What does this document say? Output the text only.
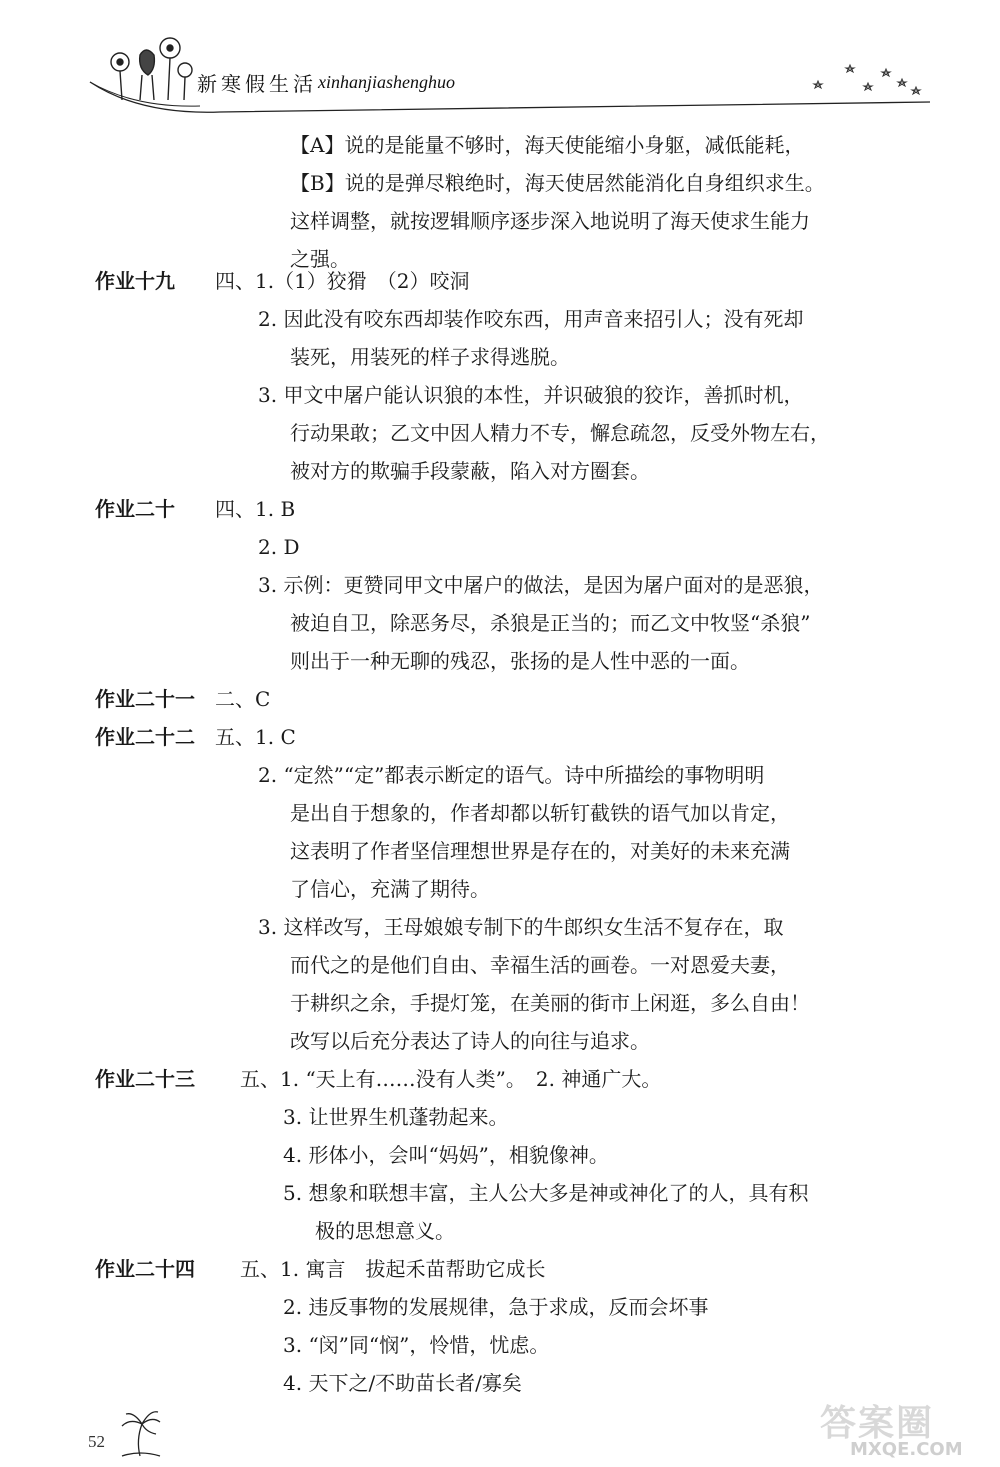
新寒假生活 xinhanjiashenghuo
【A】说的是能量不够时，海天使能缩小身躯，减低能耗，
【B】说的是弹尽粮绝时，海天使居然能消化自身组织求生。
这样调整，就按逻辑顺序逐步深入地说明了海天使求生能力
之强。
作业十九 四、1.（1）狡猾　（2）咬洞
2. 因此没有咬东西却装作咬东西，用声音来招引人；没有死却
装死，用装死的样子求得逃脱。
3. 甲文中屠户能认识狼的本性，并识破狼的狡诈，善抓时机，
行动果敢；乙文中因人精力不专，懈怠疏忽，反受外物左右，
被对方的欺骗手段蒙蔽，陷入对方圈套。
作业二十 四、1. B
2. D
3. 示例：更赞同甲文中屠户的做法，是因为屠户面对的是恶狼，
被迫自卫，除恶务尽，杀狼是正当的；而乙文中牧竖“杀狼”
则出于一种无聊的残忍，张扬的是人性中恶的一面。
作业二十一 二、C
作业二十二 五、1. C
2. “定然”“定”都表示断定的语气。诗中所描绘的事物明明
是出自于想象的，作者却都以斩钉截铁的语气加以肯定，
这表明了作者坚信理想世界是存在的，对美好的未来充满
了信心，充满了期待。
3. 这样改写，王母娘娘专制下的牛郎织女生活不复存在，取
而代之的是他们自由、幸福生活的画卷。一对恩爱夫妻，
于耕织之余，手提灯笼，在美丽的街市上闲逛，多么自由！
改写以后充分表达了诗人的向往与追求。
作业二十三 五、1. “天上有……没有人类”。　2. 神通广大。
3. 让世界生机蓬勃起来。
4. 形体小，会叫“妈妈”，相貌像神。
5. 想象和联想丰富，主人公大多是神或神化了的人，具有积
极的思想意义。
作业二十四 五、1. 寓言　拔起禾苗帮助它成长
2. 违反事物的发展规律，急于求成，反而会坏事
3. “闵”同“悯”，怜惜，忧虑。
4. 天下之/不助苗长者/寡矣
52	答案圈
MXQE.COM
